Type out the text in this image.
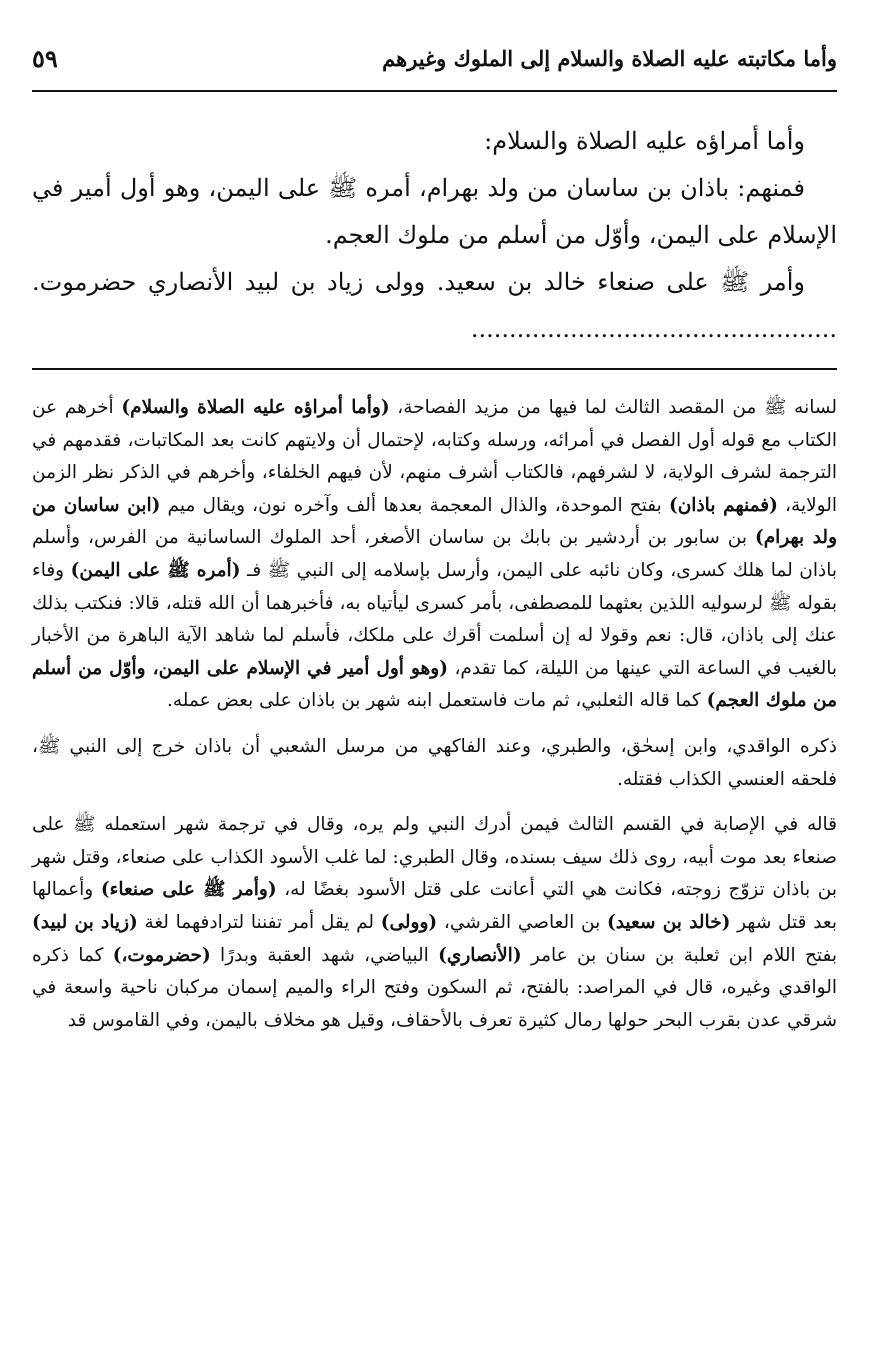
وأما مكاتبته عليه الصلاة والسلام إلى الملوك وغيرهم
٥٩

وأما أمراؤه عليه الصلاة والسلام:

فمنهم: باذان بن ساسان من ولد بهرام، أمره ﷺ على اليمن، وهو أول أمير في الإسلام على اليمن، وأوّل من أسلم من ملوك العجم.

وأمر ﷺ على صنعاء خالد بن سعيد. وولى زياد بن لبيد الأنصاري حضرموت. ................................................

لسانه ﷺ من المقصد الثالث لما فيها من مزيد الفصاحة، (وأما أمراؤه عليه الصلاة والسلام) أخرهم عن الكتاب مع قوله أول الفصل في أمرائه، ورسله وكتابه، لإحتمال أن ولايتهم كانت بعد المكاتبات، فقدمهم في الترجمة لشرف الولاية، لا لشرفهم، فالكتاب أشرف منهم، لأن فيهم الخلفاء، وأخرهم في الذكر نظر الزمن الولاية، (فمنهم باذان) بفتح الموحدة، والذال المعجمة بعدها ألف وآخره نون، ويقال ميم (ابن ساسان من ولد بهرام) بن سابور بن أردشير بن بابك بن ساسان الأصغر، أحد الملوك الساسانية من الفرس، وأسلم باذان لما هلك كسرى، وكان نائبه على اليمن، وأرسل بإسلامه إلى النبي ﷺ فـ (أمره ﷺ على اليمن) وفاء بقوله ﷺ لرسوليه اللذين بعثهما للمصطفى، بأمر كسرى ليأتياه به، فأخبرهما أن الله قتله، قالا: فنكتب بذلك عنك إلى باذان، قال: نعم وقولا له إن أسلمت أقرك على ملكك، فأسلم لما شاهد الآية الباهرة من الأخبار بالغيب في الساعة التي عينها من الليلة، كما تقدم، (وهو أول أمير في الإسلام على اليمن، وأوّل من أسلم من ملوك العجم) كما قاله الثعلبي، ثم مات فاستعمل ابنه شهر بن باذان على بعض عمله.

ذكره الواقدي، وابن إسحٰق، والطبري، وعند الفاكهي من مرسل الشعبي أن باذان خرج إلى النبي ﷺ، فلحقه العنسي الكذاب فقتله.

قاله في الإصابة في القسم الثالث فيمن أدرك النبي ولم يره، وقال في ترجمة شهر استعمله ﷺ على صنعاء بعد موت أبيه، روى ذلك سيف بسنده، وقال الطبري: لما غلب الأسود الكذاب على صنعاء، وقتل شهر بن باذان تزوّج زوجته، فكانت هي التي أعانت على قتل الأسود بغضًا له، (وأمر ﷺ على صنعاء) وأعمالها بعد قتل شهر (خالد بن سعيد) بن العاصي القرشي، (وولى) لم يقل أمر تفننا لترادفهما لغة (زياد بن لبيد) بفتح اللام ابن ثعلبة بن سنان بن عامر (الأنصاري) البياضي، شهد العقبة وبدرًا (حضرموت،) كما ذكره الواقدي وغيره، قال في المراصد: بالفتح، ثم السكون وفتح الراء والميم إسمان مركبان ناحية واسعة في شرقي عدن بقرب البحر حولها رمال كثيرة تعرف بالأحقاف، وقيل هو مخلاف باليمن، وفي القاموس قد
